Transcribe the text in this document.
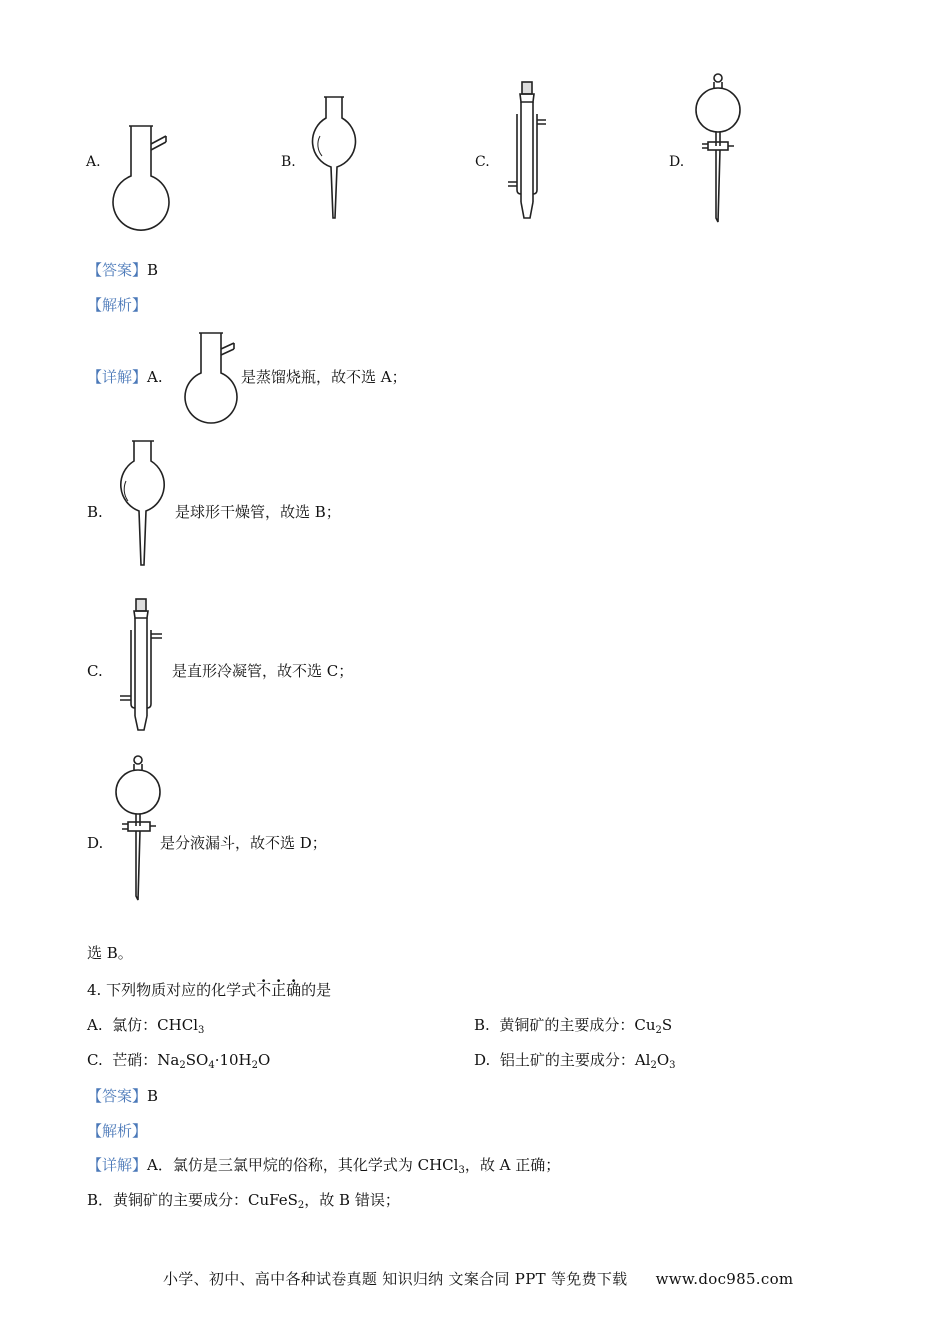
A.	B.	C.	D.
【答案】B
【解析】
【详解】A.	是蒸馏烧瓶，故不选 A；
B.	是球形干燥管，故选 B；
C.	是直形冷凝管，故不选 C；
D.	是分液漏斗，故不选 D；
选 B。
4. 下列物质对应的化学式不正确的是
A. 氯仿：CHCl$_3$	B. 黄铜矿的主要成分：$Cu_2S$
C. 芒硝：$Na_2SO_4\cdot 10H_2O$	D. 铝土矿的主要成分：$Al_2O_3$
【答案】B
【解析】
【详解】A．氯仿是三氯甲烷的俗称，其化学式为 CHCl$_3$，故 A 正确；
B．黄铜矿的主要成分：CuFeS$_2$，故 B 错误；
小学、初中、高中各种试卷真题 知识归纳 文案合同 PPT 等免费下载 www.doc985.com
